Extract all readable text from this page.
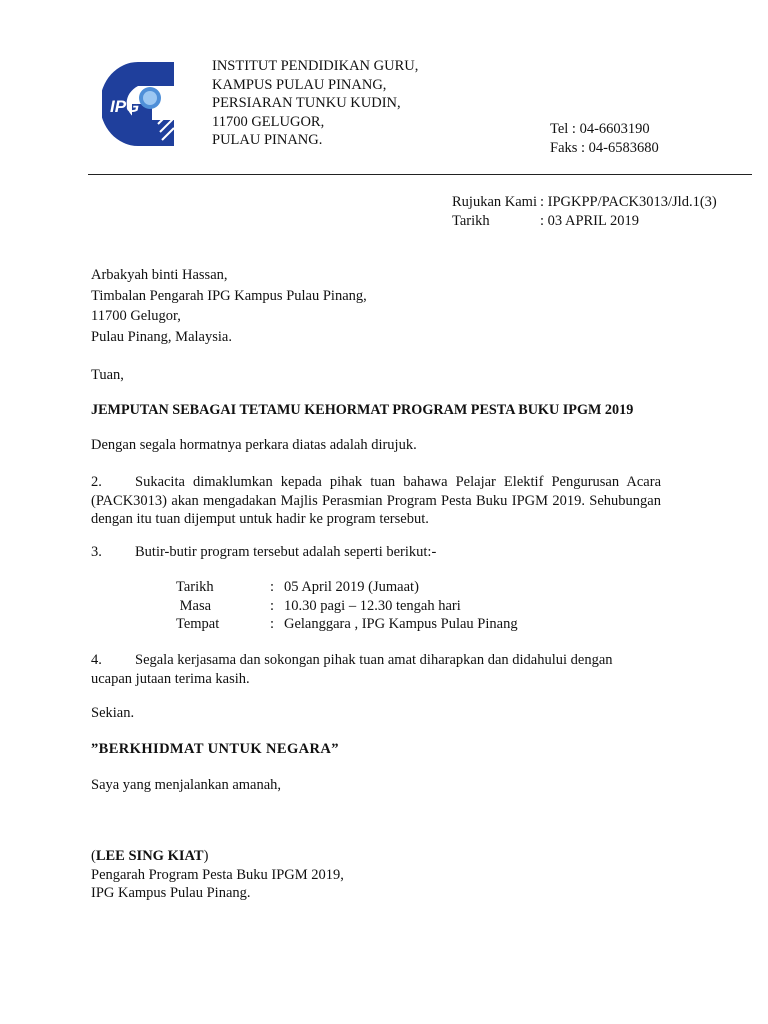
IPG
INSTITUT PENDIDIKAN GURU,
KAMPUS PULAU PINANG,
PERSIARAN TUNKU KUDIN,
11700 GELUGOR,
PULAU PINANG.
Tel : 04-6603190
Faks : 04-6583680
Rujukan Kami : IPGKPP/PACK3013/Jld.1(3)
Tarikh	: 03 APRIL 2019
Arbakyah binti Hassan,
Timbalan Pengarah IPG Kampus Pulau Pinang,
11700 Gelugor,
Pulau Pinang, Malaysia.
Tuan,
JEMPUTAN SEBAGAI TETAMU KEHORMAT PROGRAM PESTA BUKU IPGM 2019
Dengan segala hormatnya perkara diatas adalah dirujuk.
2. Sukacita dimaklumkan kepada pihak tuan bahawa Pelajar Elektif Pengurusan Acara
(PACK3013) akan mengadakan Majlis Perasmian Program Pesta Buku IPGM 2019. Sehubungan
dengan itu tuan dijemput untuk hadir ke program tersebut.
3. Butir-butir program tersebut adalah seperti berikut:-
Tarikh	: 05 April 2019 (Jumaat)
Masa	: 10.30 pagi – 12.30 tengah hari
Tempat	: Gelanggara , IPG Kampus Pulau Pinang
4. Segala kerjasama dan sokongan pihak tuan amat diharapkan dan didahului dengan
ucapan jutaan terima kasih.
Sekian.
”BERKHIDMAT UNTUK NEGARA”
Saya yang menjalankan amanah,
(LEE SING KIAT)
Pengarah Program Pesta Buku IPGM 2019,
IPG Kampus Pulau Pinang.
